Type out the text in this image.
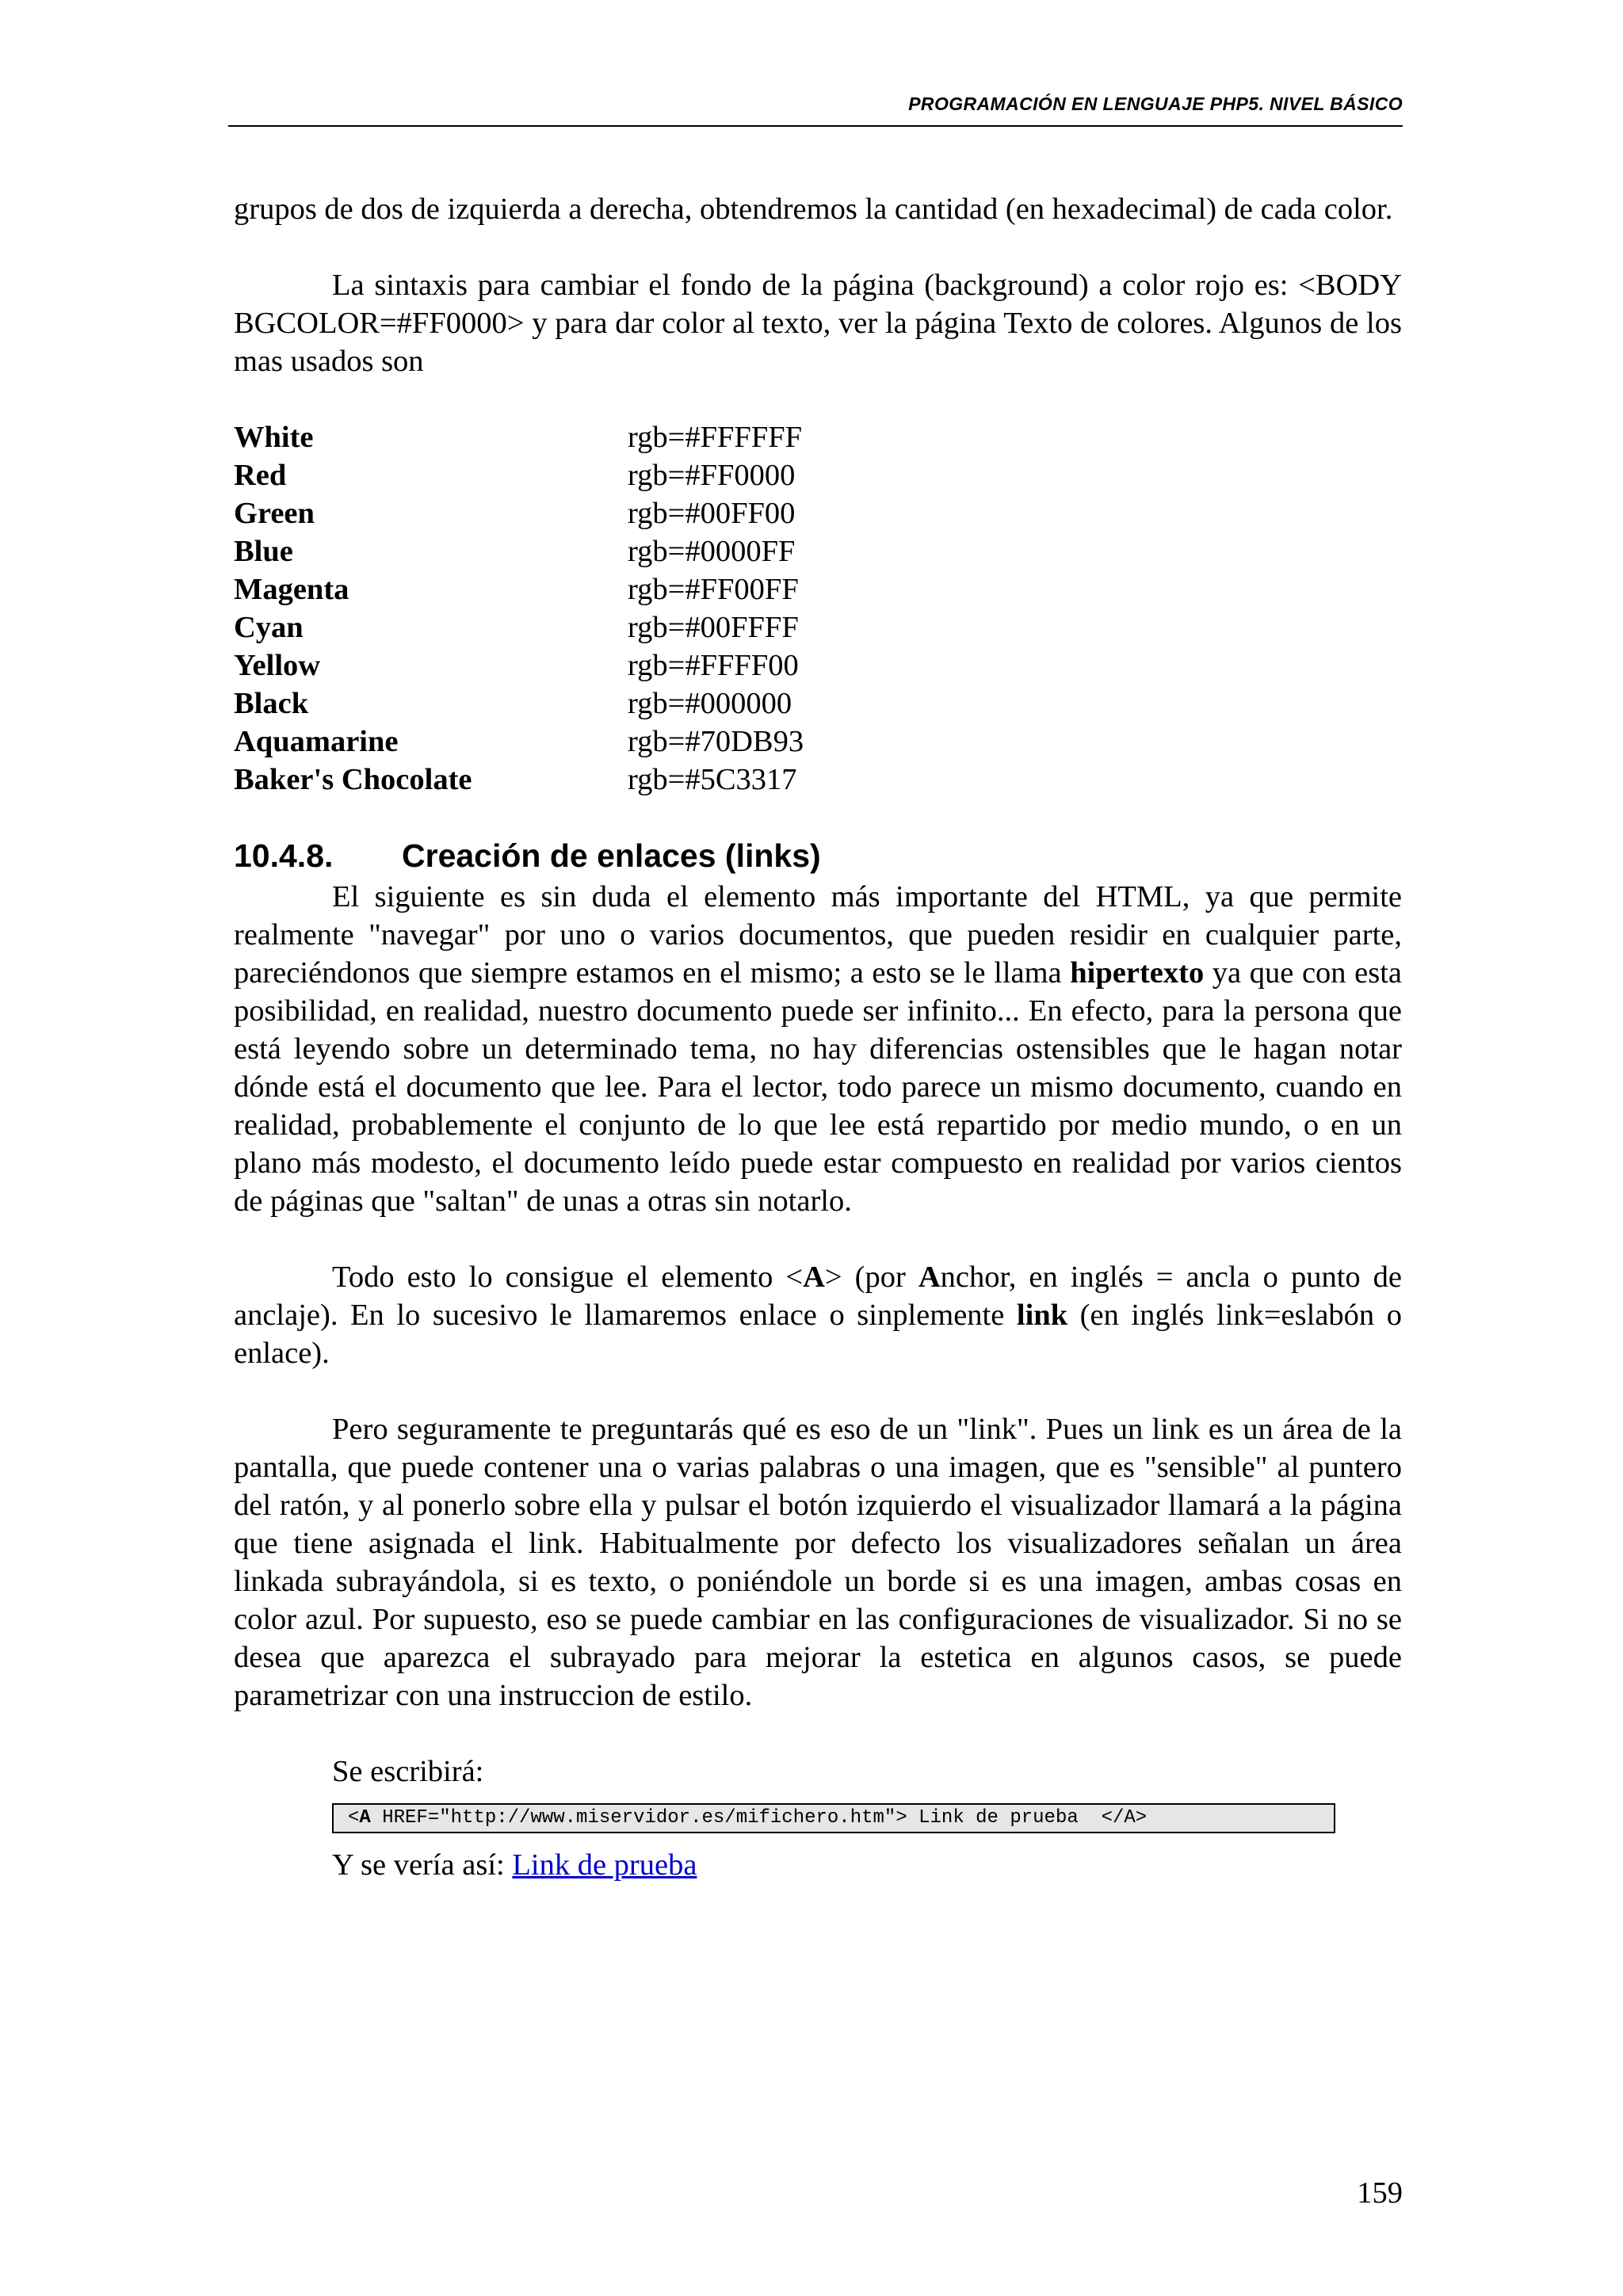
PROGRAMACIÓN EN LENGUAJE PHP5. NIVEL BÁSICO

grupos de dos de izquierda a derecha, obtendremos la cantidad (en hexadecimal) de cada color.

La sintaxis para cambiar el fondo de la página (background) a color rojo es: <BODY BGCOLOR=#FF0000> y para dar color al texto, ver la página Texto de colores. Algunos de los mas usados son

White	rgb=#FFFFFF
Red	rgb=#FF0000
Green	rgb=#00FF00
Blue	rgb=#0000FF
Magenta	rgb=#FF00FF
Cyan	rgb=#00FFFF
Yellow	rgb=#FFFF00
Black	rgb=#000000
Aquamarine	rgb=#70DB93
Baker's Chocolate	rgb=#5C3317
10.4.8. Creación de enlaces (links)

El siguiente es sin duda el elemento más importante del HTML, ya que permite realmente "navegar" por uno o varios documentos, que pueden residir en cualquier parte, pareciéndonos que siempre estamos en el mismo; a esto se le llama hipertexto ya que con esta posibilidad, en realidad, nuestro documento puede ser infinito... En efecto, para la persona que está leyendo sobre un determinado tema, no hay diferencias ostensibles que le hagan notar dónde está el documento que lee. Para el lector, todo parece un mismo documento, cuando en realidad, probablemente el conjunto de lo que lee está repartido por medio mundo, o en un plano más modesto, el documento leído puede estar compuesto en realidad por varios cientos de páginas que "saltan" de unas a otras sin notarlo.

Todo esto lo consigue el elemento <A> (por Anchor, en inglés = ancla o punto de anclaje). En lo sucesivo le llamaremos enlace o sinplemente link (en inglés link=eslabón o enlace).

Pero seguramente te preguntarás qué es eso de un "link". Pues un link es un área de la pantalla, que puede contener una o varias palabras o una imagen, que es "sensible" al puntero del ratón, y al ponerlo sobre ella y pulsar el botón izquierdo el visualizador llamará a la página que tiene asignada el link. Habitualmente por defecto los visualizadores señalan un área linkada subrayándola, si es texto, o poniéndole un borde si es una imagen, ambas cosas en color azul. Por supuesto, eso se puede cambiar en las configuraciones de visualizador. Si no se desea que aparezca el subrayado para mejorar la estetica en algunos casos, se puede parametrizar con una instruccion de estilo.

Se escribirá:

<A HREF="http://www.miservidor.es/mifichero.htm"> Link de prueba  </A>

Y se vería así: Link de prueba

159
